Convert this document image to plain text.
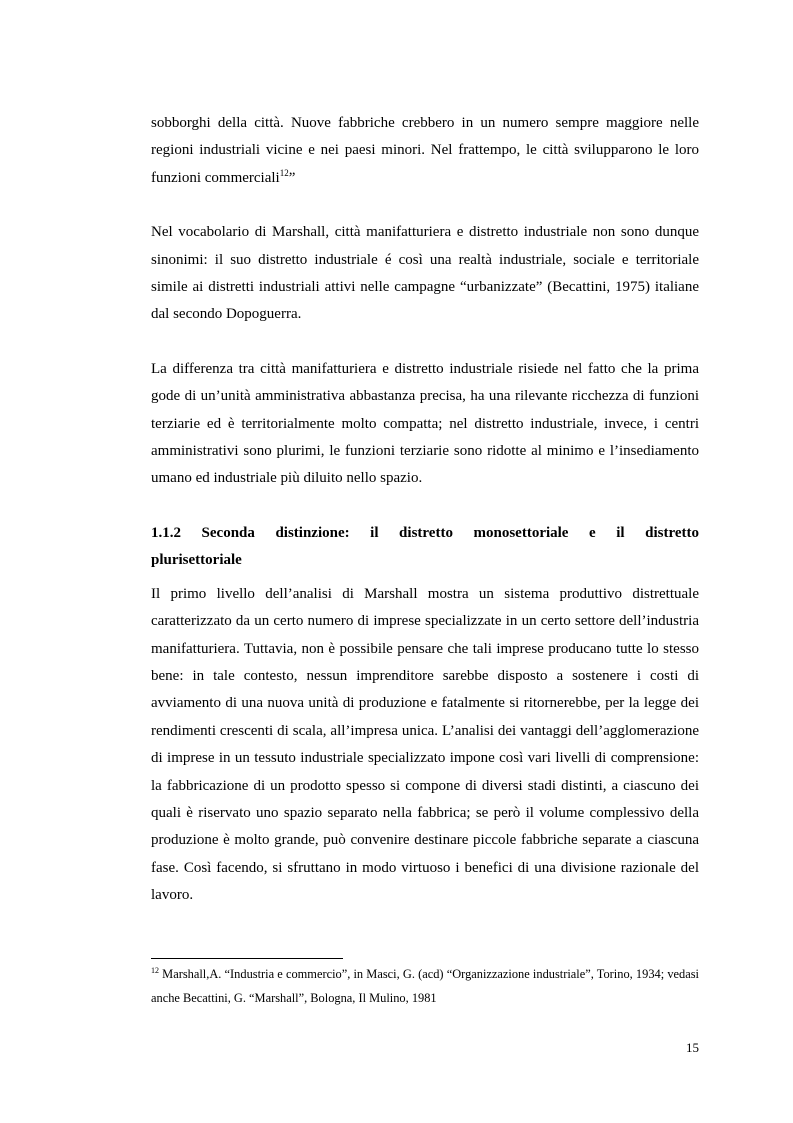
sobborghi della città. Nuove fabbriche crebbero in un numero sempre maggiore nelle regioni industriali vicine e nei paesi minori. Nel frattempo, le città svilupparono le loro funzioni commerciali$^{12}$”

Nel vocabolario di Marshall, città manifatturiera e distretto industriale non sono dunque sinonimi: il suo distretto industriale é così una realtà industriale, sociale e territoriale simile ai distretti industriali attivi nelle campagne “urbanizzate” (Becattini, 1975) italiane dal secondo Dopoguerra.

La differenza tra città manifatturiera e distretto industriale risiede nel fatto che la prima gode di un’unità amministrativa abbastanza precisa, ha una rilevante ricchezza di funzioni terziarie ed è territorialmente molto compatta; nel distretto industriale, invece, i centri amministrativi sono plurimi, le funzioni terziarie sono ridotte al minimo e l’insediamento umano ed industriale più diluito nello spazio.

1.1.2 Seconda distinzione: il distretto monosettoriale e il distretto

plurisettoriale

Il primo livello dell’analisi di Marshall mostra un sistema produttivo distrettuale caratterizzato da un certo numero di imprese specializzate in un certo settore dell’industria manifatturiera. Tuttavia, non è possibile pensare che tali imprese producano tutte lo stesso bene: in tale contesto, nessun imprenditore sarebbe disposto a sostenere i costi di avviamento di una nuova unità di produzione e fatalmente si ritornerebbe, per la legge dei rendimenti crescenti di scala, all’impresa unica. L’analisi dei vantaggi dell’agglomerazione di imprese in un tessuto industriale specializzato impone così vari livelli di comprensione: la fabbricazione di un prodotto spesso si compone di diversi stadi distinti, a ciascuno dei quali è riservato uno spazio separato nella fabbrica; se però il volume complessivo della produzione è molto grande, può convenire destinare piccole fabbriche separate a ciascuna fase. Così facendo, si sfruttano in modo virtuoso i benefici di una divisione razionale del lavoro.

$^{12}$ Marshall,A. “Industria e commercio”, in Masci, G. (acd) “Organizzazione industriale”, Torino, 1934; vedasi anche Becattini, G. “Marshall”, Bologna, Il Mulino, 1981

15
